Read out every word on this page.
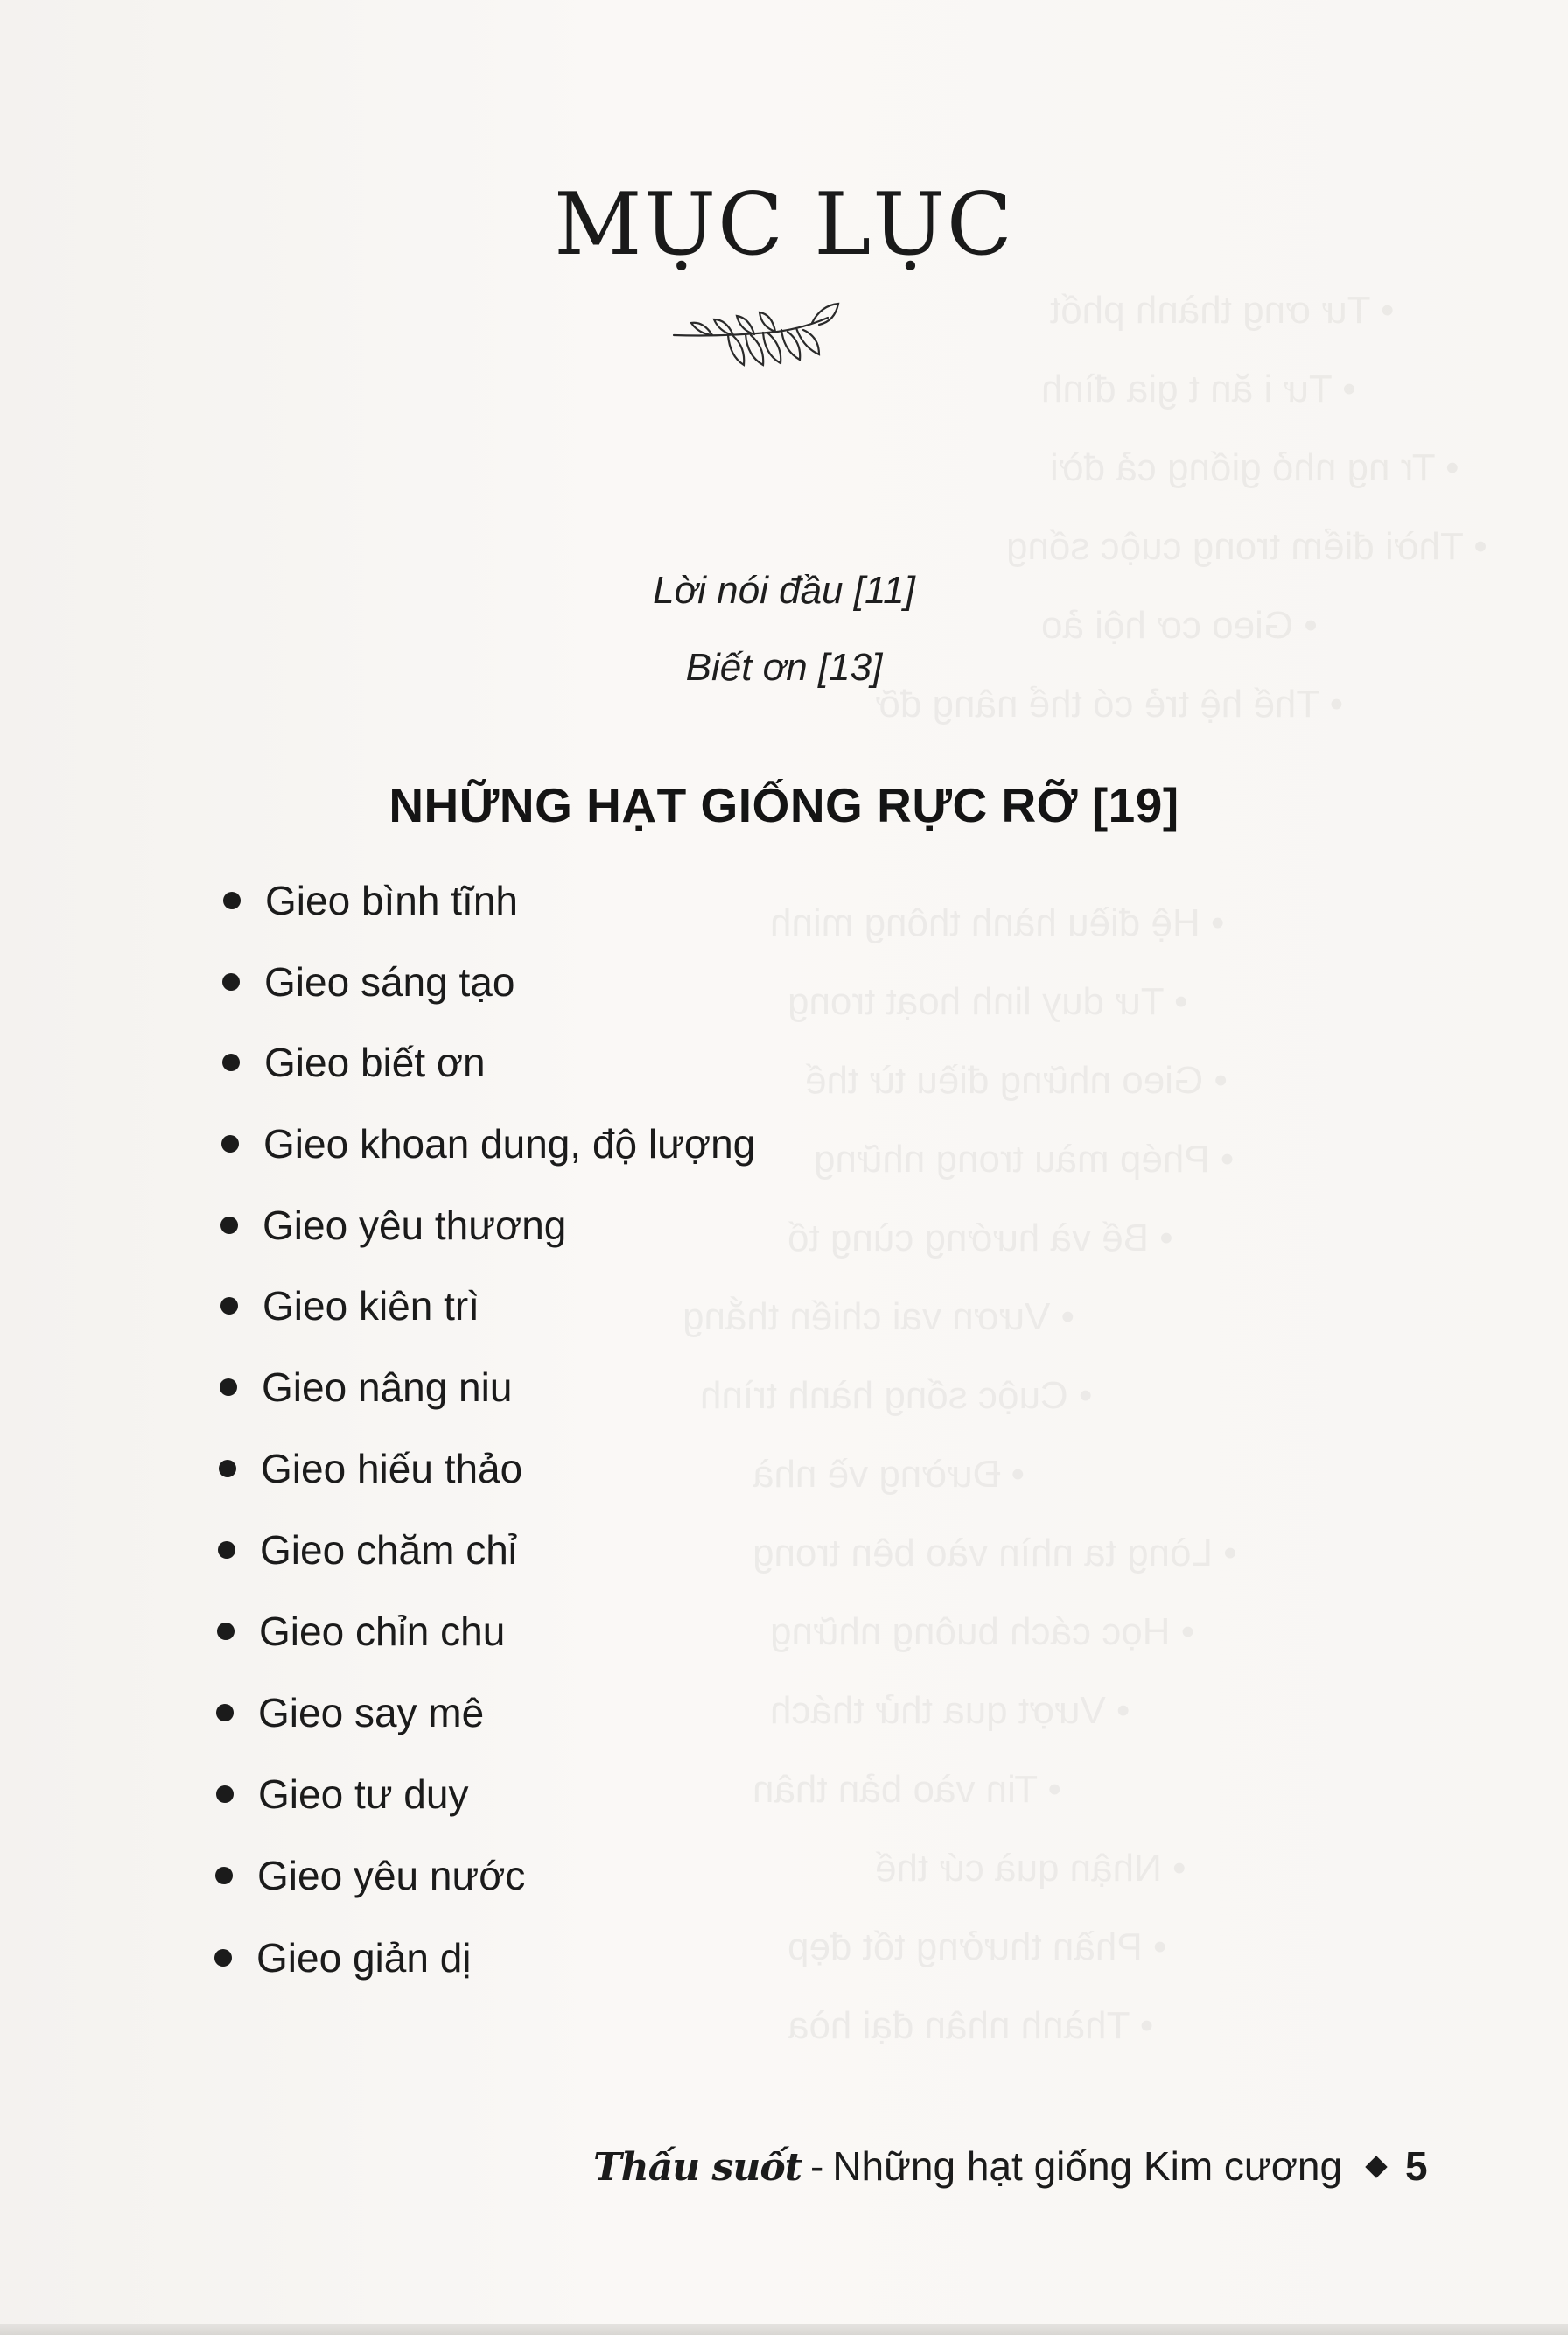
• Tư ơng thành phốt
• Tư i ăn t gia đình
• Tr ng nhỏ giống cả đời
• Thời điểm trong cuộc sống
• Gieo cơ hội ảo
• Thế hệ trẻ có thể nâng đỡ
• Hệ điều hành thông minh
• Tư duy linh hoạt trong
• Gieo những điều từ thế
• Phép màu trong những
• Bế và hướng cùng tố
• Vươn vai chiến thắng
• Cuộc sống hành trình
• Đường về nhà
• Lòng ta nhìn vào bên trong
• Học cách buông những
• Vượt qua thử thách
• Tin vào bản thân
• Nhận quà cứ thế
• Phần thưởng tốt đẹp
• Thành nhân đại hòa
MỤC LỤC
Lời nói đầu [11]
Biết ơn [13]
NHỮNG HẠT GIỐNG RỰC RỠ [19]
Gieo bình tĩnh
Gieo sáng tạo
Gieo biết ơn
Gieo khoan dung, độ lượng
Gieo yêu thương
Gieo kiên trì
Gieo nâng niu
Gieo hiếu thảo
Gieo chăm chỉ
Gieo chỉn chu
Gieo say mê
Gieo tư duy
Gieo yêu nước
Gieo giản dị
Thấu suốt - Những hạt giống Kim cương 5
